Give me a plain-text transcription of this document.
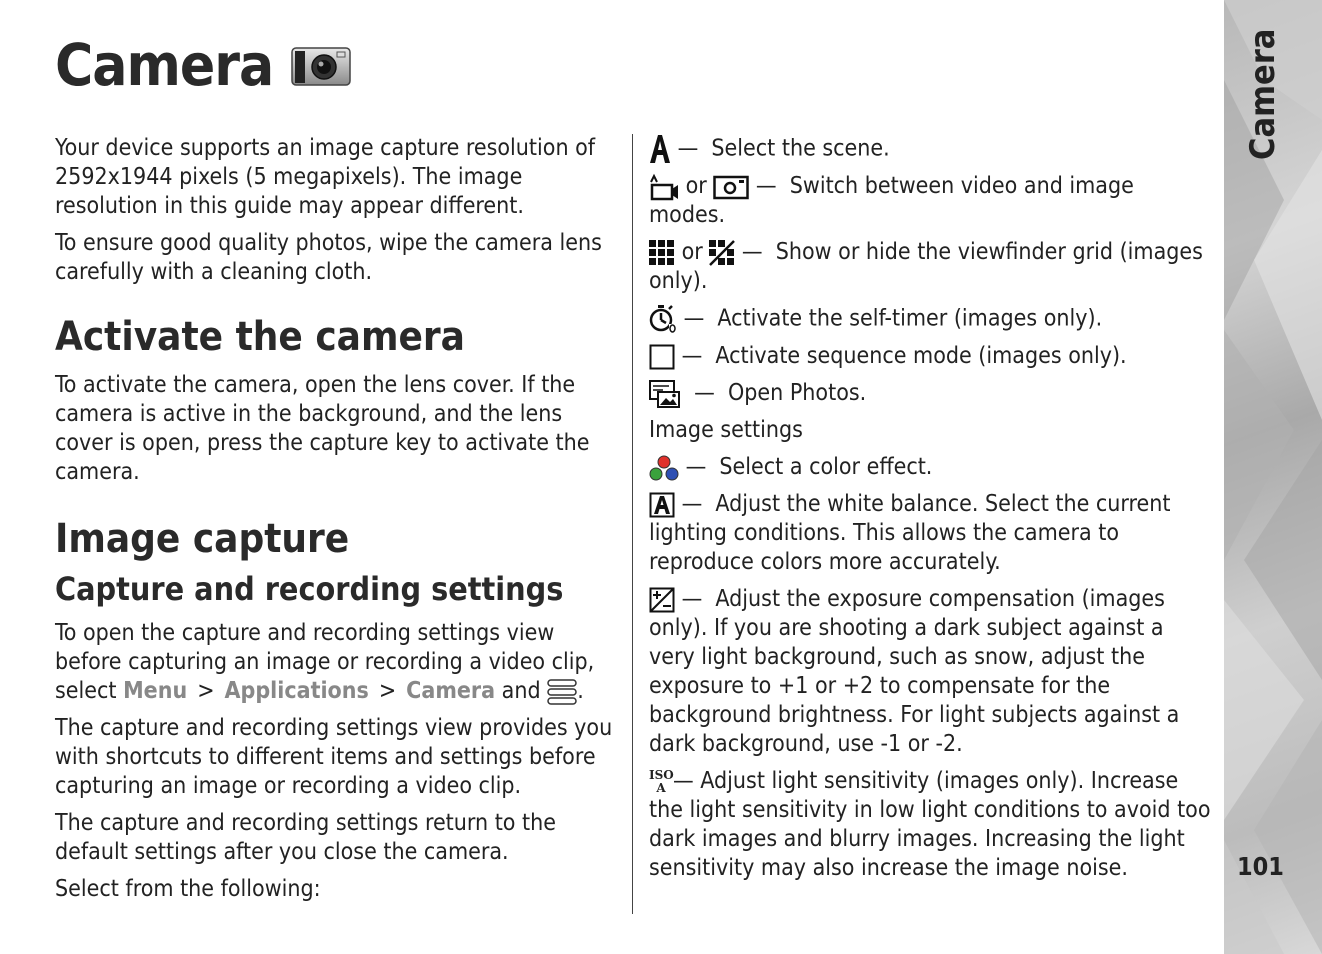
Camera

Your device supports an image capture resolution of 2592x1944 pixels (5 megapixels). The image resolution in this guide may appear different.

To ensure good quality photos, wipe the camera lens carefully with a cleaning cloth.

Activate the camera

To activate the camera, open the lens cover. If the camera is active in the background, and the lens cover is open, press the capture key to activate the camera.

Image capture
Capture and recording settings

To open the capture and recording settings view before capturing an image or recording a video clip, select Menu > Applications > Camera and .

The capture and recording settings view provides you with shortcuts to different items and settings before capturing an image or recording a video clip.

The capture and recording settings return to the default settings after you close the camera.

Select from the following:

— Select the scene.

or — Switch between video and image modes.

or — Show or hide the viewfinder grid (images only).

— Activate the self-timer (images only).

— Activate sequence mode (images only).

— Open Photos.

Image settings

— Select a color effect.

— Adjust the white balance. Select the current lighting conditions. This allows the camera to reproduce colors more accurately.

— Adjust the exposure compensation (images only). If you are shooting a dark subject against a very light background, such as snow, adjust the exposure to +1 or +2 to compensate for the background brightness. For light subjects against a dark background, use -1 or -2.

ISO
A — Adjust light sensitivity (images only). Increase the light sensitivity in low light conditions to avoid too dark images and blurry images. Increasing the light sensitivity may also increase the image noise.

Camera
101
